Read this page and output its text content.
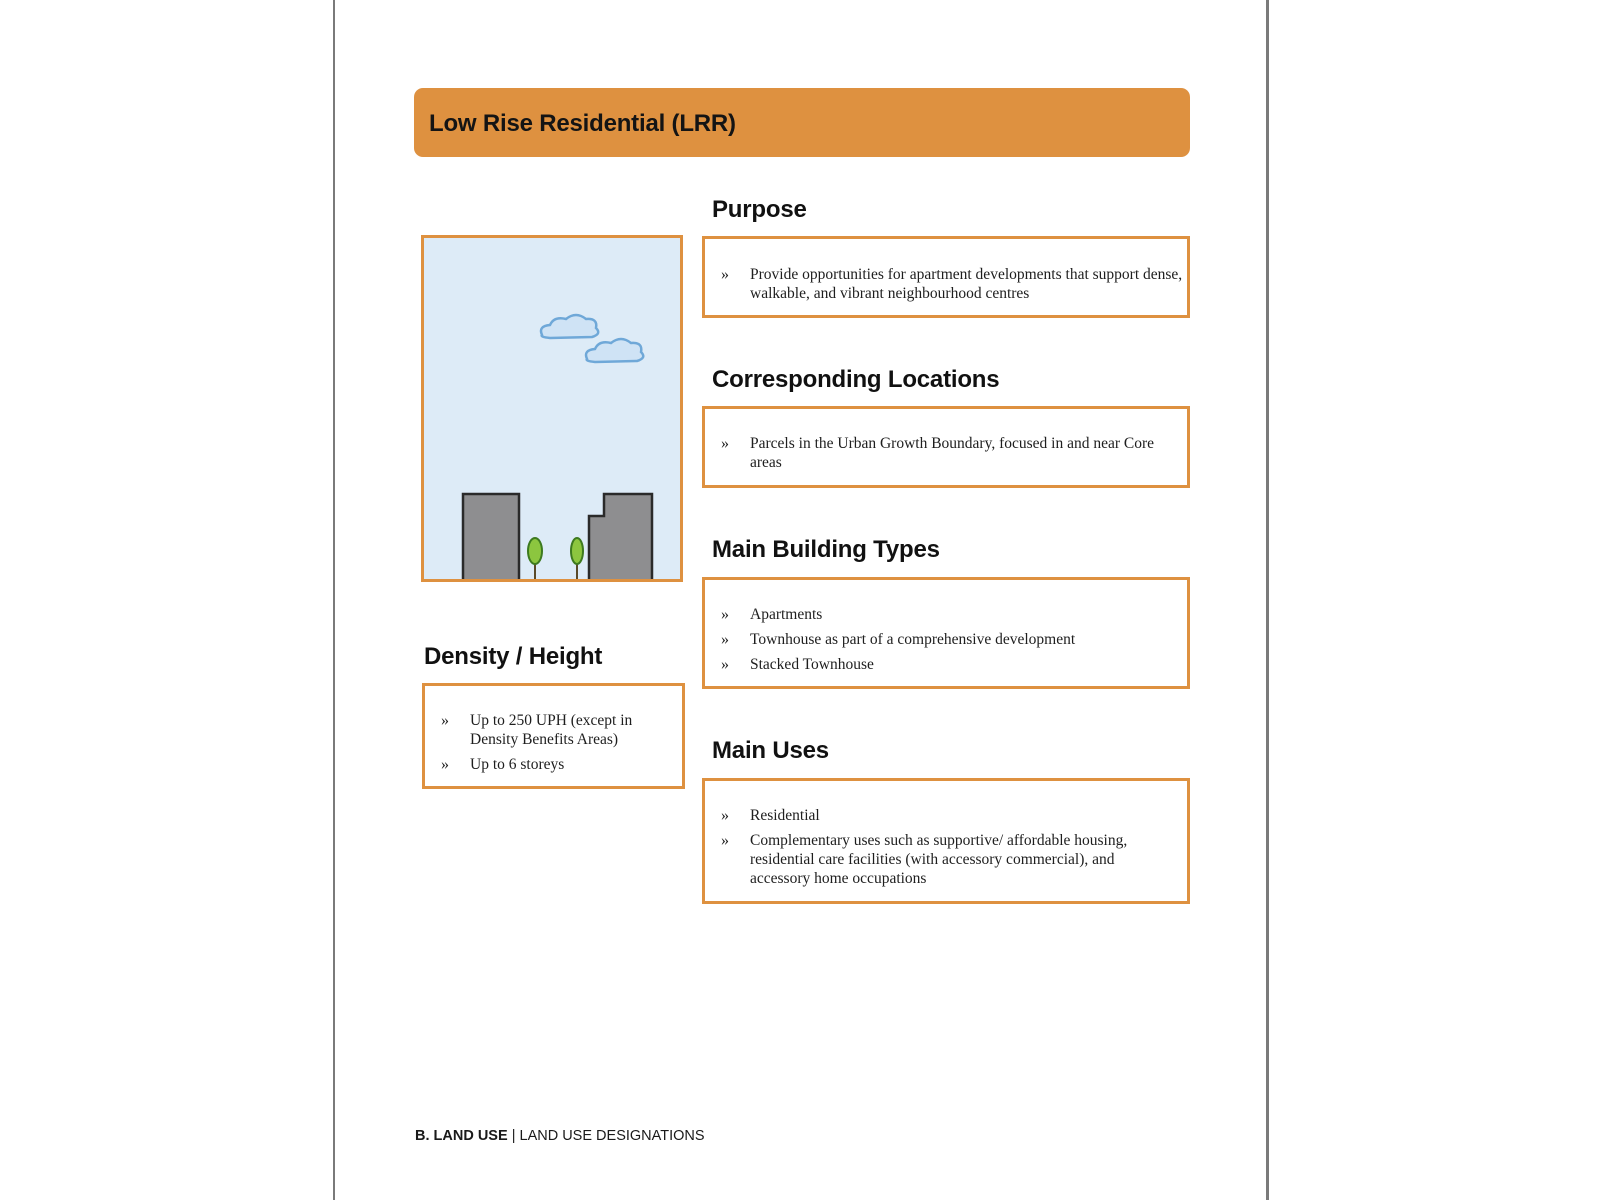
Low Rise Residential (LRR)
Purpose
» Provide opportunities for apartment developments that support dense, walkable, and vibrant neighbourhood centres
Corresponding Locations
» Parcels in the Urban Growth Boundary, focused in and near Core areas
Main Building Types
» Apartments
» Townhouse as part of a comprehensive development
» Stacked Townhouse
Main Uses
» Residential
» Complementary uses such as supportive/ affordable housing, residential care facilities (with accessory commercial), and accessory home occupations
Density / Height
» Up to 250 UPH (except in Density Benefits Areas)
» Up to 6 storeys
B. LAND USE | LAND USE DESIGNATIONS
